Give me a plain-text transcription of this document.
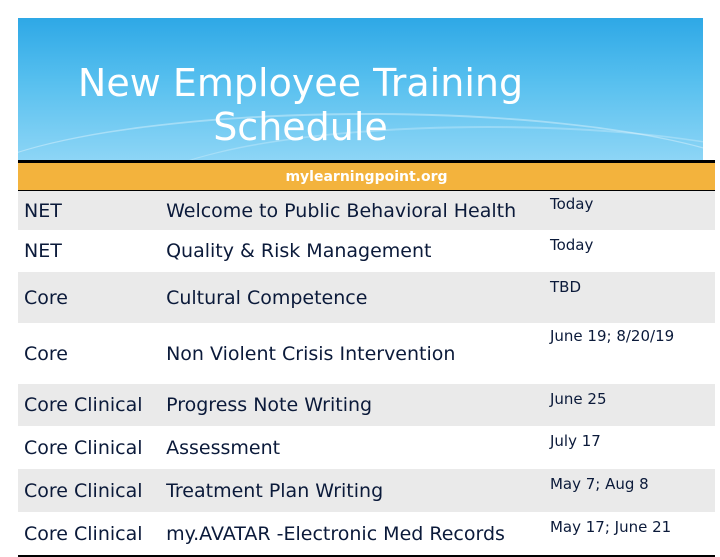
New Employee Training
Schedule
mylearningpoint.org		
NET	Welcome to Public Behavioral Health	Today
NET	Quality & Risk Management	Today
Core	Cultural Competence	TBD
Core	Non Violent Crisis Intervention	June 19; 8/20/19
Core Clinical	Progress Note Writing	June 25
Core Clinical	Assessment	July 17
Core Clinical	Treatment Plan Writing	May 7; Aug 8
Core Clinical	my.AVATAR -Electronic Med Records	May 17; June 21
